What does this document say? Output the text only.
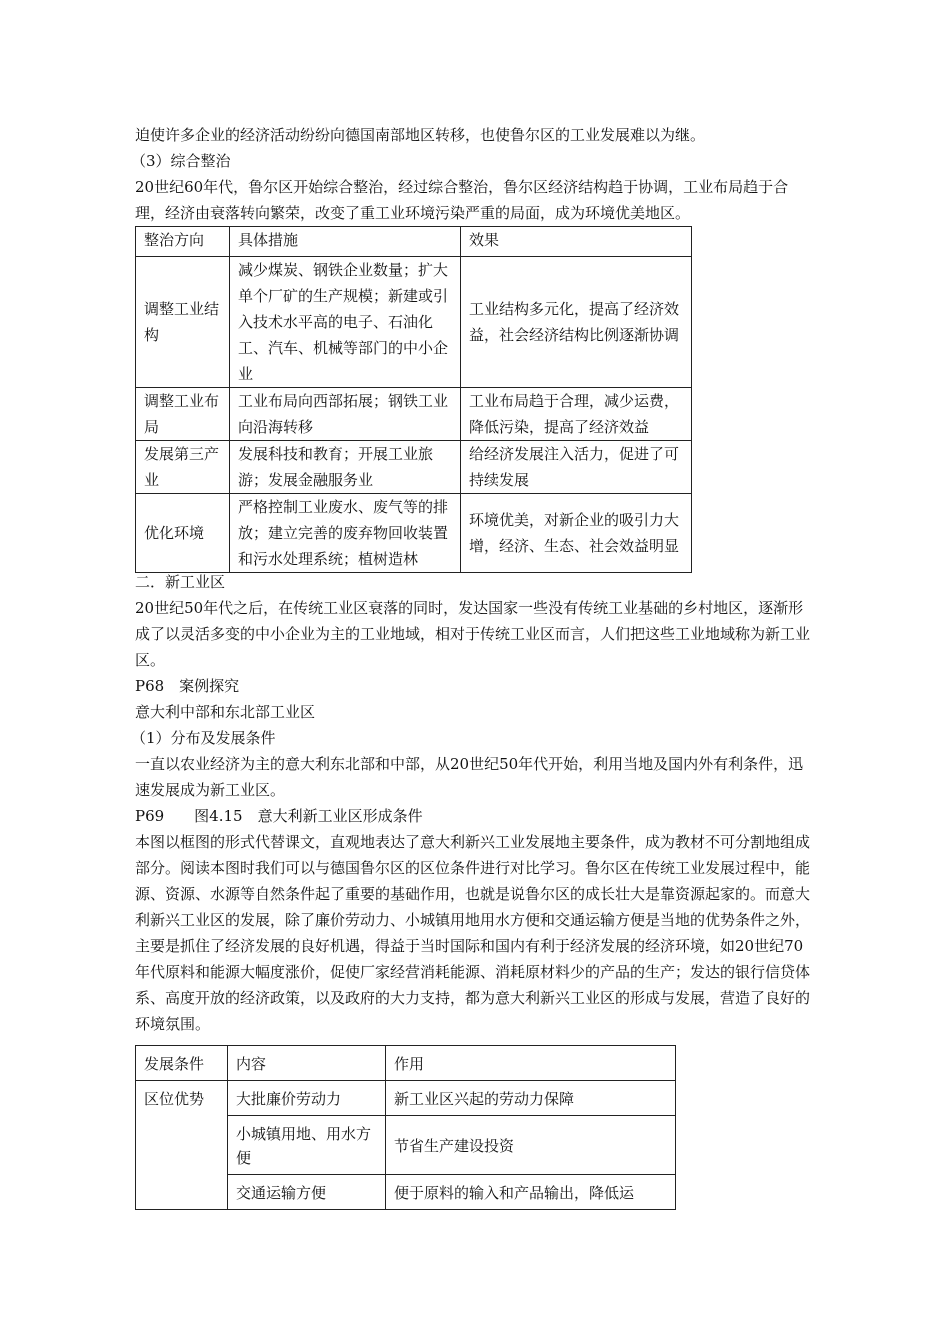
迫使许多企业的经济活动纷纷向德国南部地区转移，也使鲁尔区的工业发展难以为继。

（3）综合整治

20世纪60年代，鲁尔区开始综合整治，经过综合整治，鲁尔区经济结构趋于协调，工业布局趋于合理，经济由衰落转向繁荣，改变了重工业环境污染严重的局面，成为环境优美地区。

整治方向	具体措施	效果
调整工业结构	减少煤炭、钢铁企业数量；扩大单个厂矿的生产规模；新建或引入技术水平高的电子、石油化工、汽车、机械等部门的中小企业	工业结构多元化，提高了经济效益，社会经济结构比例逐渐协调
调整工业布局	工业布局向西部拓展；钢铁工业向沿海转移	工业布局趋于合理，减少运费，降低污染，提高了经济效益
发展第三产业	发展科技和教育；开展工业旅游；发展金融服务业	给经济发展注入活力，促进了可持续发展
优化环境	严格控制工业废水、废气等的排放；建立完善的废弃物回收装置和污水处理系统；植树造林	环境优美，对新企业的吸引力大增，经济、生态、社会效益明显

二．新工业区

20世纪50年代之后，在传统工业区衰落的同时，发达国家一些没有传统工业基础的乡村地区，逐渐形成了以灵活多变的中小企业为主的工业地域，相对于传统工业区而言，人们把这些工业地域称为新工业区。

P68　案例探究

意大利中部和东北部工业区

（1）分布及发展条件

一直以农业经济为主的意大利东北部和中部，从20世纪50年代开始，利用当地及国内外有利条件，迅速发展成为新工业区。

P69　　图4.15　意大利新工业区形成条件

本图以框图的形式代替课文，直观地表达了意大利新兴工业发展地主要条件，成为教材不可分割地组成部分。阅读本图时我们可以与德国鲁尔区的区位条件进行对比学习。鲁尔区在传统工业发展过程中，能源、资源、水源等自然条件起了重要的基础作用，也就是说鲁尔区的成长壮大是靠资源起家的。而意大利新兴工业区的发展，除了廉价劳动力、小城镇用地用水方便和交通运输方便是当地的优势条件之外，主要是抓住了经济发展的良好机遇，得益于当时国际和国内有利于经济发展的经济环境，如20世纪70年代原料和能源大幅度涨价，促使厂家经营消耗能源、消耗原材料少的产品的生产；发达的银行信贷体系、高度开放的经济政策，以及政府的大力支持，都为意大利新兴工业区的形成与发展，营造了良好的环境氛围。

发展条件	内容	作用
区位优势	大批廉价劳动力	新工业区兴起的劳动力保障
	小城镇用地、用水方便	节省生产建设投资
	交通运输方便	便于原料的输入和产品输出，降低运
